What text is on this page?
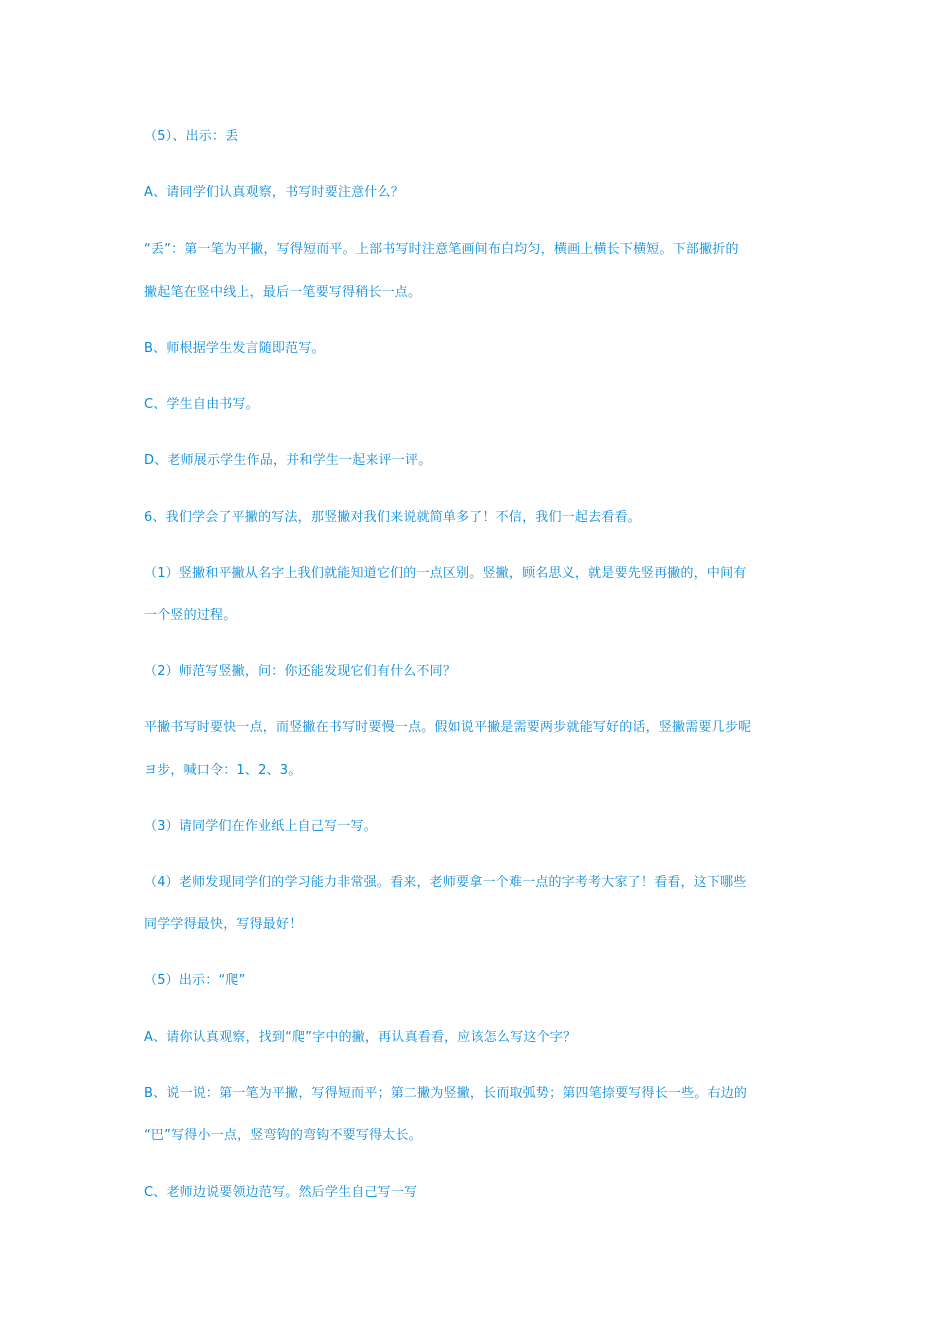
（5）、出示：丢
A、请同学们认真观察，书写时要注意什么？
“丢”：第一笔为平撇，写得短而平。上部书写时注意笔画间布白均匀，横画上横长下横短。下部撇折的
撇起笔在竖中线上，最后一笔要写得稍长一点。
B、师根据学生发言随即范写。
C、学生自由书写。
D、老师展示学生作品，并和学生一起来评一评。
6、我们学会了平撇的写法，那竖撇对我们来说就简单多了！不信，我们一起去看看。
（1）竖撇和平撇从名字上我们就能知道它们的一点区别。竖撇，顾名思义，就是要先竖再撇的，中间有
一个竖的过程。
（2）师范写竖撇，问：你还能发现它们有什么不同？
平撇书写时要快一点，而竖撇在书写时要慢一点。假如说平撇是需要两步就能写好的话，竖撇需要几步呢
ヨ步，喊口令：1、2、3。
（3）请同学们在作业纸上自己写一写。
（4）老师发现同学们的学习能力非常强。看来，老师要拿一个难一点的字考考大家了！看看，这下哪些
同学学得最快，写得最好！
（5）出示：“爬”
A、请你认真观察，找到“爬”字中的撇，再认真看看，应该怎么写这个字？
B、说一说：第一笔为平撇，写得短而平；第二撇为竖撇，长而取弧势；第四笔捺要写得长一些。右边的
“巴”写得小一点，竖弯钩的弯钩不要写得太长。
C、老师边说要领边范写。然后学生自己写一写
